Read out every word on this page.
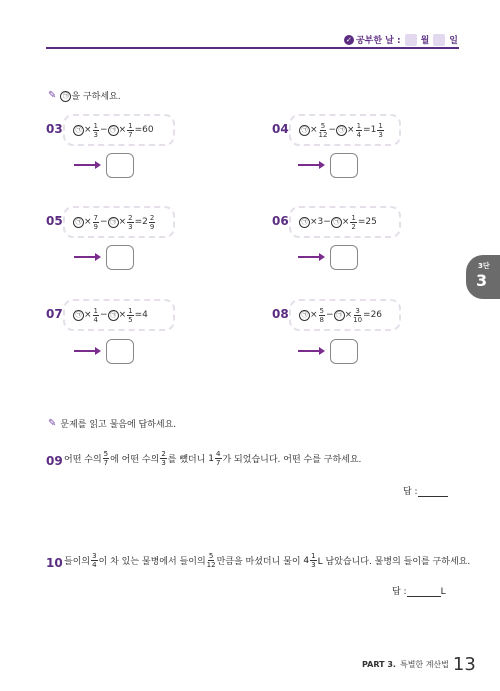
✓ 공부한 날 : 월 일
✎	㉠ 을 구하세요.
03	㉠ × $\frac{1}{3}$ − ㉠ × $\frac{1}{7} = 60$	04	㉠ × $\frac{5}{12}$ − ㉠ × $\frac{1}{4} = 1 \frac{1}{3}$
05	㉠ × $\frac{7}{9}$ − ㉠ × $\frac{2}{3} = 2 \frac{2}{9}$	06	㉠ × 3 − ㉠ × $\frac{1}{2} = 25$
07	㉠ × $\frac{1}{4}$ − ㉠ × $\frac{1}{5} = 4$	08	㉠ × $\frac{5}{8}$ − ㉠ × $\frac{3}{10} = 26$
3단
3
✎ 문제를 읽고 물음에 답하세요.
09 어떤 수의 $\frac{5}{7}$ 에 어떤 수의 $\frac{2}{3}$ 를 뺐더니
$1 \frac{4}{7}$ 가 되었습니다. 어떤 수를 구하세요.
답 :
10 들이의 $\frac{3}{4}$ 이 차 있는 물병에서 들이의 $\frac{5}{12}$ 만큼을 마셨더니 물이
$4 \frac{1}{3}$ L 남았습니다. 물병의 들이를 구하세요.
답 :	L
PART 3. 특별한 계산법 13
